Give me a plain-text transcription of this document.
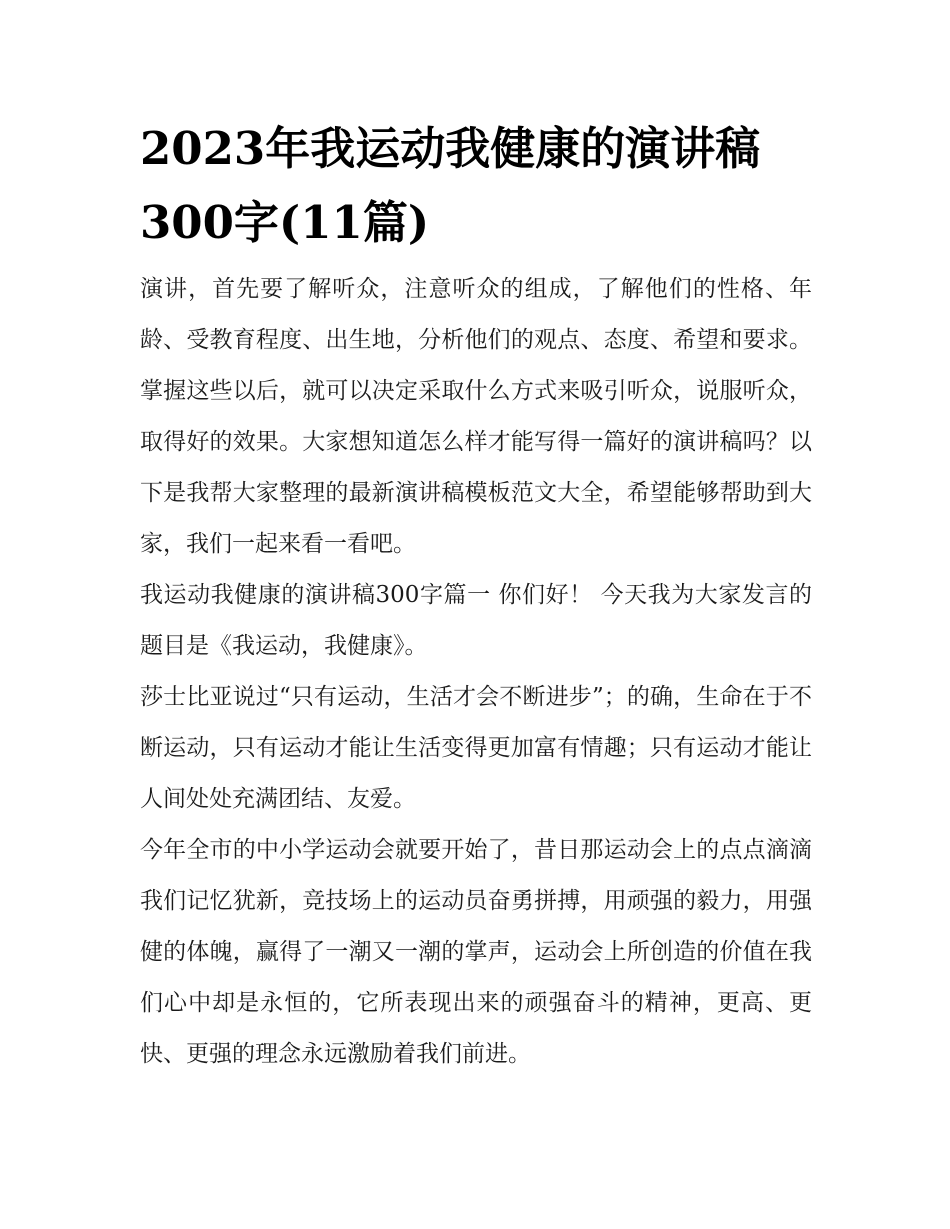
2023年我运动我健康的演讲稿300字(11篇)

演讲，首先要了解听众，注意听众的组成，了解他们的性格、年龄、受教育程度、出生地，分析他们的观点、态度、希望和要求。掌握这些以后，就可以决定采取什么方式来吸引听众，说服听众，取得好的效果。大家想知道怎么样才能写得一篇好的演讲稿吗？以下是我帮大家整理的最新演讲稿模板范文大全，希望能够帮助到大家，我们一起来看一看吧。

我运动我健康的演讲稿300字篇一 你们好！ 今天我为大家发言的题目是《我运动，我健康》。

莎士比亚说过“只有运动，生活才会不断进步”；的确，生命在于不断运动，只有运动才能让生活变得更加富有情趣；只有运动才能让人间处处充满团结、友爱。

今年全市的中小学运动会就要开始了，昔日那运动会上的点点滴滴我们记忆犹新，竞技场上的运动员奋勇拼搏，用顽强的毅力，用强健的体魄，赢得了一潮又一潮的掌声，运动会上所创造的价值在我们心中却是永恒的，它所表现出来的顽强奋斗的精神，更高、更快、更强的理念永远激励着我们前进。
